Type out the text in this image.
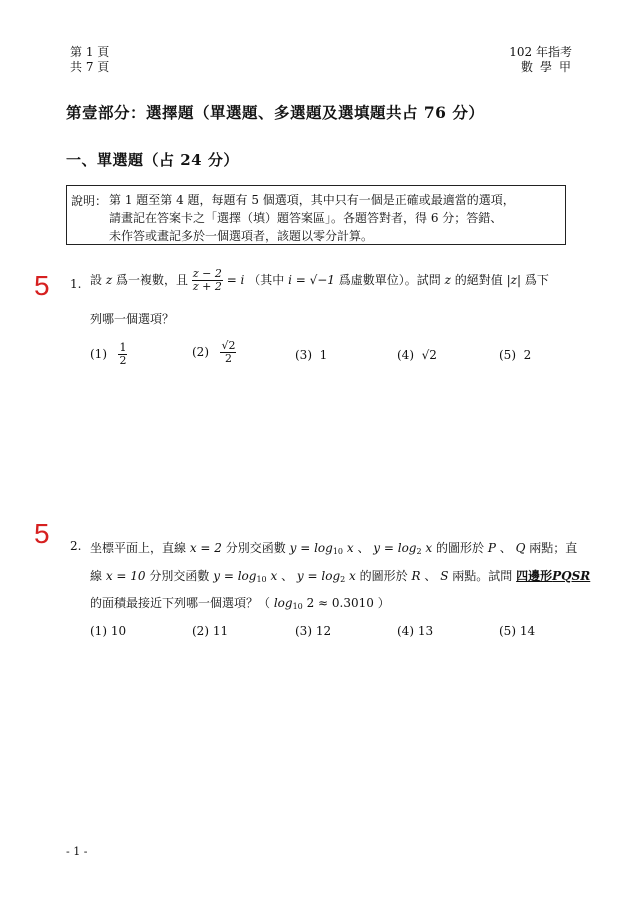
第 1 頁
共 7 頁
102 年指考
數學甲
第壹部分：選擇題（單選題、多選題及選填題共占 76 分）
一、單選題（占 24 分）
說明： 第 1 題至第 4 題，每題有 5 個選項，其中只有一個是正確或最適當的選項，
請畫記在答案卡之「選擇（填）題答案區」。各題答對者，得 6 分；答錯、
未作答或畫記多於一個選項者，該題以零分計算。
5 1. 設 z 爲一複數，且 $\frac{z - 2}{z + 2} = i$ （其中 i = √−1 爲虛數單位）。試問 z 的絕對值 |z| 爲下
列哪一個選項？
$(1) \frac{1}{2}$	$(2) \frac{√2}{2}$	(3) 1	(4) √2	(5) 2
5 2. 坐標平面上，直線 x = 2 分別交函數 $y = \log_{10} x$ 、 $y = \log_2 x$ 的圖形於 P 、 Q 兩點；直
線 x = 10 分別交函數 $y = \log_{10} x$ 、 $y = \log_2 x$ 的圖形於 R 、 S 兩點。試問 四邊形PQSR
的面積最接近下列哪一個選項？（ $\log_{10} 2 \approx 0.3010$ ）
(1) 10	(2) 11	(3) 12	(4) 13	(5) 14
- 1 -
